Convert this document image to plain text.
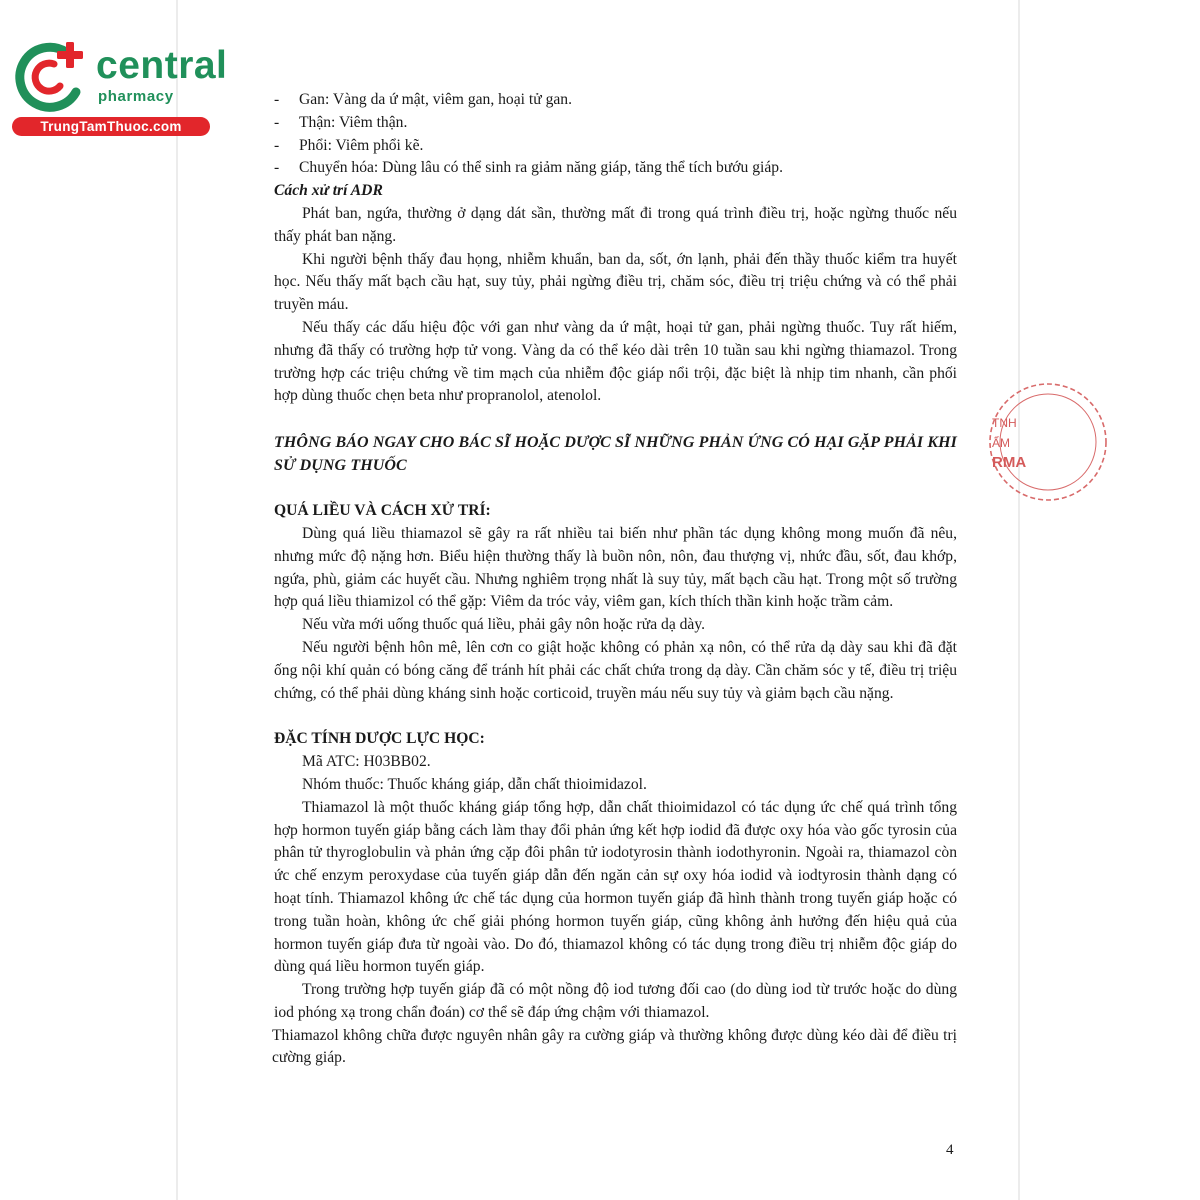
central
pharmacy
TrungTamThuoc.com
TNH
ẨM
RMA
-	Gan: Vàng da ứ mật, viêm gan, hoại tử gan.
-	Thận: Viêm thận.
-	Phổi: Viêm phổi kẽ.
-	Chuyển hóa: Dùng lâu có thể sinh ra giảm năng giáp, tăng thể tích bướu giáp.

Cách xử trí ADR

Phát ban, ngứa, thường ở dạng dát sần, thường mất đi trong quá trình điều trị, hoặc ngừng thuốc nếu thấy phát ban nặng.

Khi người bệnh thấy đau họng, nhiễm khuẩn, ban da, sốt, ớn lạnh, phải đến thầy thuốc kiểm tra huyết học. Nếu thấy mất bạch cầu hạt, suy tủy, phải ngừng điều trị, chăm sóc, điều trị triệu chứng và có thể phải truyền máu.

Nếu thấy các dấu hiệu độc với gan như vàng da ứ mật, hoại tử gan, phải ngừng thuốc. Tuy rất hiếm, nhưng đã thấy có trường hợp tử vong. Vàng da có thể kéo dài trên 10 tuần sau khi ngừng thiamazol. Trong trường hợp các triệu chứng về tim mạch của nhiễm độc giáp nổi trội, đặc biệt là nhịp tim nhanh, cần phối hợp dùng thuốc chẹn beta như propranolol, atenolol.

THÔNG BÁO NGAY CHO BÁC SĨ HOẶC DƯỢC SĨ NHỮNG PHẢN ỨNG CÓ HẠI GẶP PHẢI KHI SỬ DỤNG THUỐC

QUÁ LIỀU VÀ CÁCH XỬ TRÍ:

Dùng quá liều thiamazol sẽ gây ra rất nhiều tai biến như phần tác dụng không mong muốn đã nêu, nhưng mức độ nặng hơn. Biểu hiện thường thấy là buồn nôn, nôn, đau thượng vị, nhức đầu, sốt, đau khớp, ngứa, phù, giảm các huyết cầu. Nhưng nghiêm trọng nhất là suy tủy, mất bạch cầu hạt. Trong một số trường hợp quá liều thiamizol có thể gặp: Viêm da tróc vảy, viêm gan, kích thích thần kinh hoặc trầm cảm.

Nếu vừa mới uống thuốc quá liều, phải gây nôn hoặc rửa dạ dày.

Nếu người bệnh hôn mê, lên cơn co giật hoặc không có phản xạ nôn, có thể rửa dạ dày sau khi đã đặt ống nội khí quản có bóng căng để tránh hít phải các chất chứa trong dạ dày. Cần chăm sóc y tế, điều trị triệu chứng, có thể phải dùng kháng sinh hoặc corticoid, truyền máu nếu suy tủy và giảm bạch cầu nặng.

ĐẶC TÍNH DƯỢC LỰC HỌC:

Mã ATC: H03BB02.

Nhóm thuốc: Thuốc kháng giáp, dẫn chất thioimidazol.

Thiamazol là một thuốc kháng giáp tổng hợp, dẫn chất thioimidazol có tác dụng ức chế quá trình tổng hợp hormon tuyến giáp bằng cách làm thay đổi phản ứng kết hợp iodid đã được oxy hóa vào gốc tyrosin của phân tử thyroglobulin và phản ứng cặp đôi phân tử iodotyrosin thành iodothyronin. Ngoài ra, thiamazol còn ức chế enzym peroxydase của tuyến giáp dẫn đến ngăn cản sự oxy hóa iodid và iodtyrosin thành dạng có hoạt tính. Thiamazol không ức chế tác dụng của hormon tuyến giáp đã hình thành trong tuyến giáp hoặc có trong tuần hoàn, không ức chế giải phóng hormon tuyến giáp, cũng không ảnh hưởng đến hiệu quả của hormon tuyến giáp đưa từ ngoài vào. Do đó, thiamazol không có tác dụng trong điều trị nhiễm độc giáp do dùng quá liều hormon tuyến giáp.

Trong trường hợp tuyến giáp đã có một nồng độ iod tương đối cao (do dùng iod từ trước hoặc do dùng iod phóng xạ trong chẩn đoán) cơ thể sẽ đáp ứng chậm với thiamazol.

Thiamazol không chữa được nguyên nhân gây ra cường giáp và thường không được dùng kéo dài để điều trị cường giáp.

4
